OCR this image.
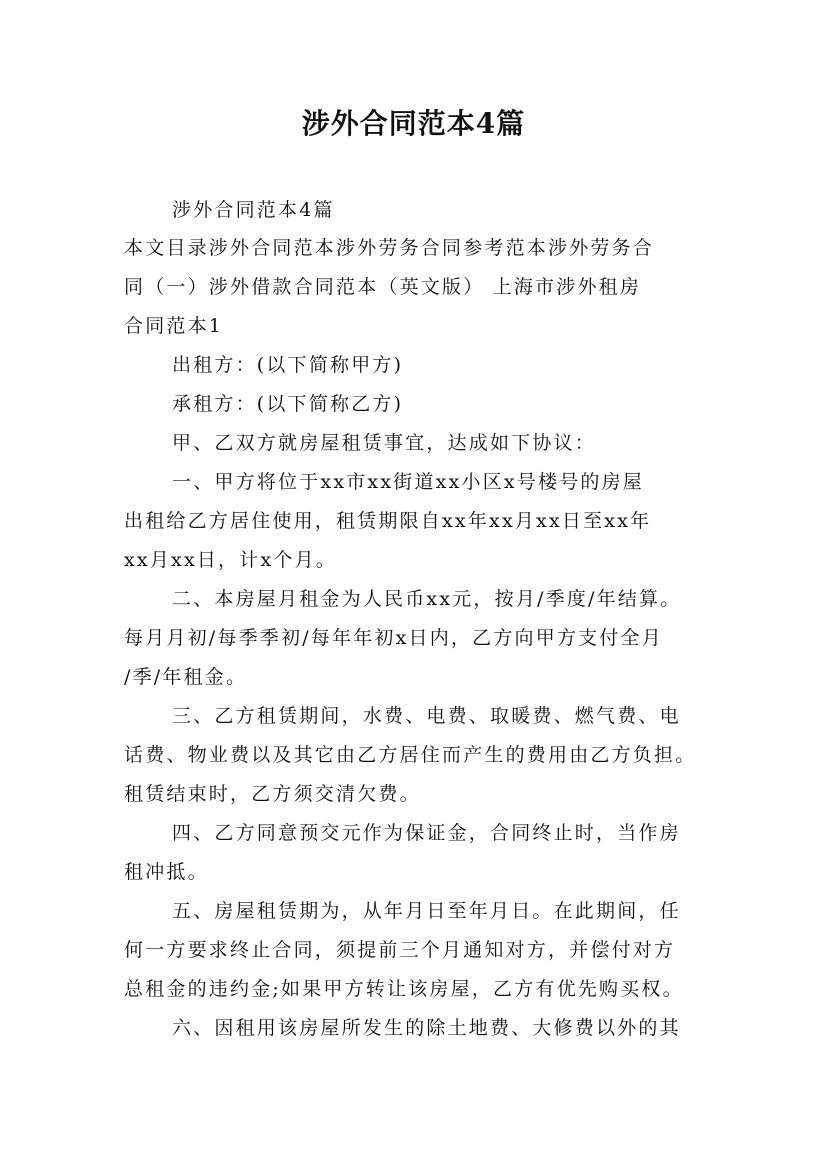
涉外合同范本4篇
涉外合同范本4篇
本文目录涉外合同范本涉外劳务合同参考范本涉外劳务合
同（一）涉外借款合同范本（英文版） 上海市涉外租房
合同范本1
出租方：(以下简称甲方)
承租方：(以下简称乙方)
甲、乙双方就房屋租赁事宜，达成如下协议：
一、甲方将位于xx市xx街道xx小区x号楼号的房屋
出租给乙方居住使用，租赁期限自xx年xx月xx日至xx年
xx月xx日，计x个月。
二、本房屋月租金为人民币xx元，按月/季度/年结算。
每月月初/每季季初/每年年初x日内，乙方向甲方支付全月
/季/年租金。
三、乙方租赁期间，水费、电费、取暖费、燃气费、电
话费、物业费以及其它由乙方居住而产生的费用由乙方负担。
租赁结束时，乙方须交清欠费。
四、乙方同意预交元作为保证金，合同终止时，当作房
租冲抵。
五、房屋租赁期为，从年月日至年月日。在此期间，任
何一方要求终止合同，须提前三个月通知对方，并偿付对方
总租金的违约金;如果甲方转让该房屋，乙方有优先购买权。
六、因租用该房屋所发生的除土地费、大修费以外的其
